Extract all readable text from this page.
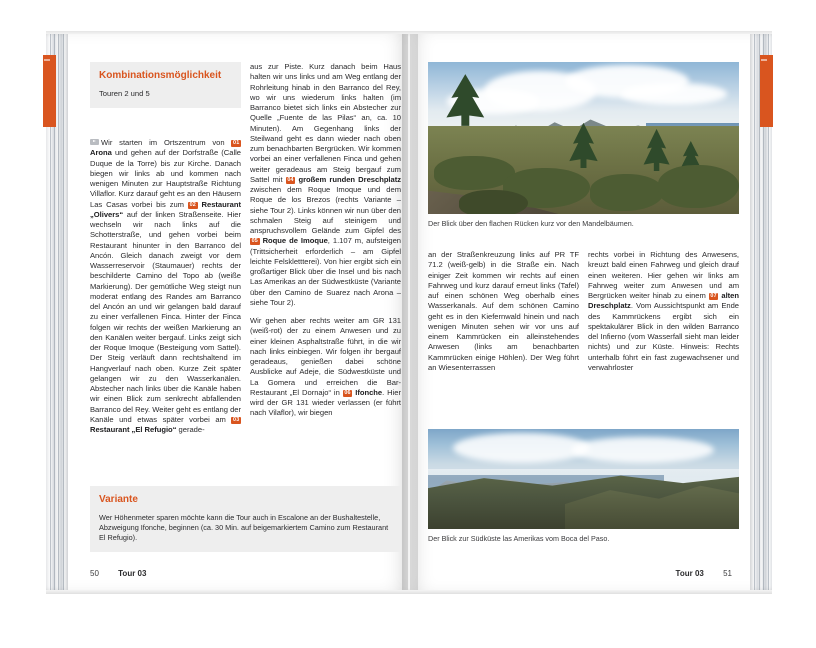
Kombinationsmöglichkeit
Touren 2 und 5

Wir starten im Ortszentrum von 01 Arona und gehen auf der Dorfstraße (Calle Duque de la Torre) bis zur Kirche. Danach biegen wir links ab und kommen nach wenigen Minuten zur Hauptstraße Richtung Villaflor. Kurz darauf geht es an den Häusern Las Casas vorbei bis zum 02 Restaurant „Olivers“ auf der linken Straßenseite. Hier wechseln wir nach links auf die Schotterstraße, und gehen vorbei beim Restaurant hinunter in den Barranco del Ancón. Gleich danach zweigt vor dem Wasserreservoir (Staumauer) rechts der beschilderte Camino del Topo ab (weiße Markierung). Der gemütliche Weg steigt nun moderat entlang des Randes am Barranco del Ancón an und wir gelangen bald darauf zu einer verfallenen Finca. Hinter der Finca folgen wir rechts der weißen Markierung an den Kanälen weiter bergauf. Links zeigt sich der Roque Imoque (Besteigung vom Sattel). Der Steig verläuft dann rechtshaltend im Hangverlauf nach oben. Kurze Zeit später gelangen wir zu den Wasserkanälen. Abstecher nach links über die Kanäle haben wir einen Blick zum senkrecht abfallenden Barranco del Rey. Weiter geht es entlang der Kanäle und etwas später vorbei am 03 Restaurant „El Refugio“ gerade-

Variante
Wer Höhenmeter sparen möchte kann die Tour auch in Escalone an der Bushaltestelle, Abzweigung Ifonche, beginnen (ca. 30 Min. auf beigemarkiertem Camino zum Restaurant El Refugio).

aus zur Piste. Kurz danach beim Haus halten wir uns links und am Weg entlang der Rohrleitung hinab in den Barranco del Rey, wo wir uns wiederum links halten (im Barranco bietet sich links ein Abstecher zur Quelle „Fuente de las Pilas“ an, ca. 10 Minuten). Am Gegenhang links der Steilwand geht es dann wieder nach oben zum benachbarten Bergrücken. Wir kommen vorbei an einer verfallenen Finca und gehen weiter geradeaus am Steig bergauf zum Sattel mit 04 großem runden Dreschplatz zwischen dem Roque Imoque und dem Roque de los Brezos (rechts Variante – siehe Tour 2). Links können wir nun über den schmalen Steig auf steinigem und anspruchsvollem Gelände zum Gipfel des 05 Roque de Imoque, 1.107 m, aufsteigen (Trittsicherheit erforderlich – am Gipfel leichte Felsklettterei). Von hier ergibt sich ein großartiger Blick über die Insel und bis nach Las Amerikas an der Südwestküste (Variante über den Camino de Suarez nach Arona – siehe Tour 2).

Wir gehen aber rechts weiter am GR 131 (weiß-rot) der zu einem Anwesen und zu einer kleinen Asphaltstraße führt, in die wir nach links einbiegen. Wir folgen ihr bergauf geradeaus, genießen dabei schöne Ausblicke auf Adeje, die Südwestküste und La Gomera und erreichen die Bar-Restaurant „El Dornajo“ in 06 Ifonche. Hier wird der GR 131 wieder verlassen (er führt nach Vilaflor), wir biegen

50 Tour 03
Der Blick über den flachen Rücken kurz vor den Mandelbäumen.

an der Straßenkreuzung links auf PR TF 71.2 (weiß-gelb) in die Straße ein. Nach einiger Zeit kommen wir rechts auf einen Fahrweg und kurz darauf erneut links (Tafel) auf einen schönen Weg oberhalb eines Wasserkanals. Auf dem schönen Camino geht es in den Kiefernwald hinein und nach wenigen Minuten sehen wir vor uns auf einem Kammrücken ein alleinstehendes Anwesen (links am benachbarten Kammrücken einige Höhlen). Der Weg führt an Wiesenterrassen

rechts vorbei in Richtung des Anwesens, kreuzt bald einen Fahrweg und gleich drauf einen weiteren. Hier gehen wir links am Fahrweg weiter zum Anwesen und am Bergrücken weiter hinab zu einem 07 alten Dreschplatz. Vom Aussichtspunkt am Ende des Kammrückens ergibt sich ein spektakulärer Blick in den wilden Barranco del Infierno (vom Wasserfall sieht man leider nichts) und zur Küste. Hinweis: Rechts unterhalb führt ein fast zugewachsener und verwahrloster

Der Blick zur Südküste las Amerikas vom Boca del Paso.
Tour 03 51
